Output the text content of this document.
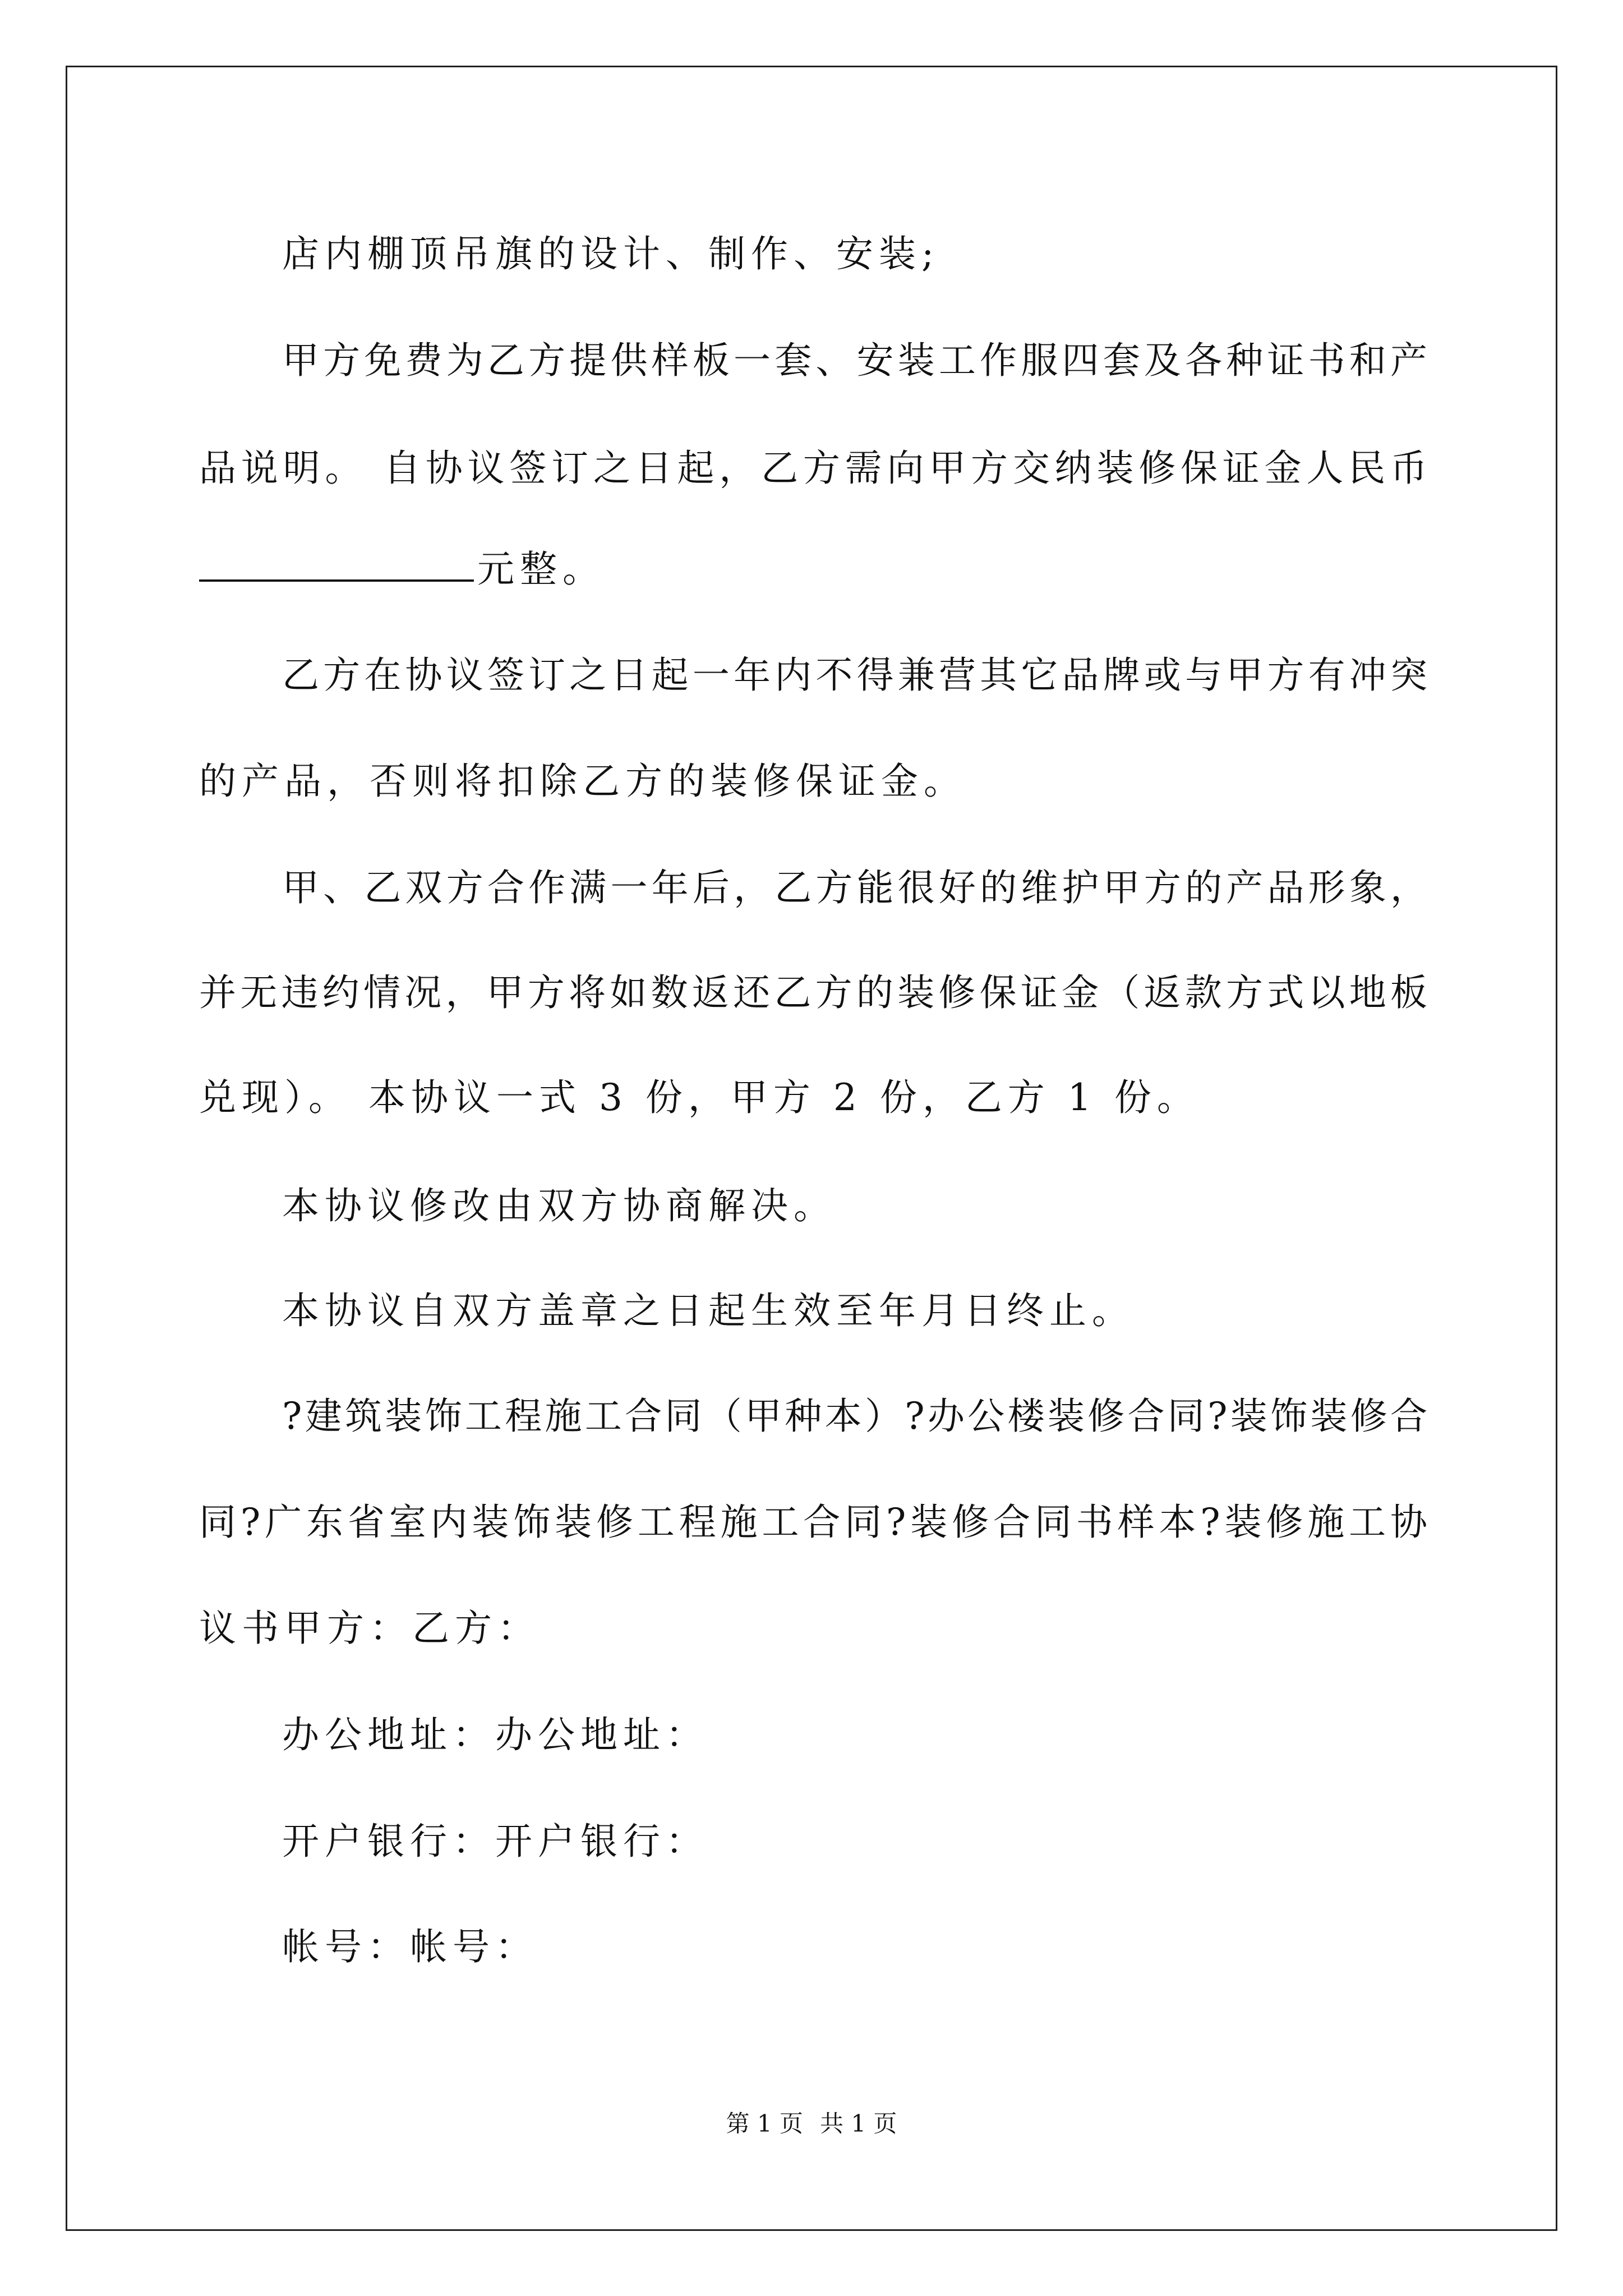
店内棚顶吊旗的设计、制作、安装;
甲方免费为乙方提供样板一套、安装工作服四套及各种证书和产
品说明。 自协议签订之日起，乙方需向甲方交纳装修保证金人民币
元整。
乙方在协议签订之日起一年内不得兼营其它品牌或与甲方有冲突
的产品，否则将扣除乙方的装修保证金。
甲、乙双方合作满一年后，乙方能很好的维护甲方的产品形象，
并无违约情况，甲方将如数返还乙方的装修保证金（返款方式以地板
兑现）。 本协议一式 3 份，甲方 2 份，乙方 1 份。
本协议修改由双方协商解决。
本协议自双方盖章之日起生效至年月日终止。
?建筑装饰工程施工合同（甲种本）?办公楼装修合同?装饰装修合
同?广东省室内装饰装修工程施工合同?装修合同书样本?装修施工协
议书甲方：乙方：
办公地址：办公地址：
开户银行：开户银行：
帐号：帐号：
第 1 页 共 1 页
